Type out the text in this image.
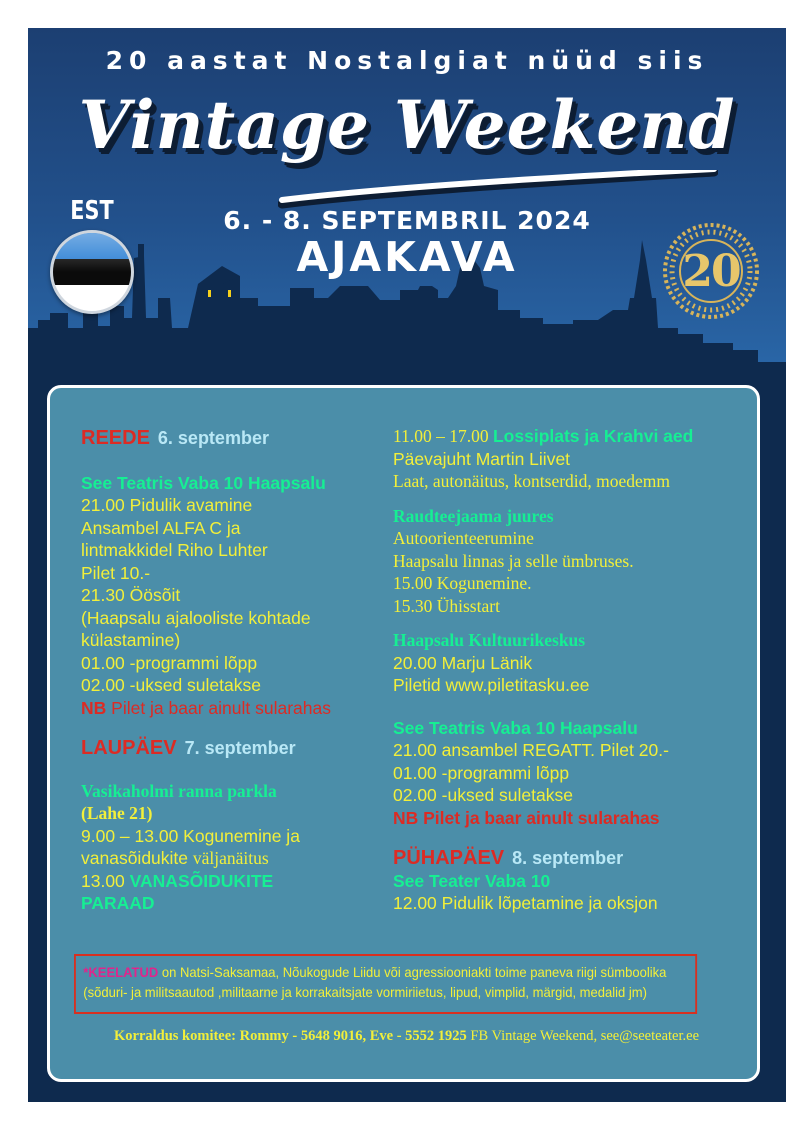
20 aastat Nostalgiat nüüd siis
Vintage Weekend
6. - 8. SEPTEMBRIL 2024
AJAKAVA
EST
20
REEDE 6. september
See Teatris Vaba 10 Haapsalu
21.00 Pidulik avamine
Ansambel ALFA C ja
lintmakkidel Riho Luhter
Pilet 10.-
21.30 Öösõit
(Haapsalu ajalooliste kohtade
külastamine)
01.00 -programmi lõpp
02.00 -uksed suletakse
NB Pilet ja baar ainult sularahas
LAUPÄEV 7. september
Vasikaholmi ranna parkla
(Lahe 21)
9.00 – 13.00 Kogunemine ja
vanasõidukite väljanäitus
13.00 VANASÕIDUKITE
PARAAD
11.00 – 17.00 Lossiplats ja Krahvi aed
Päevajuht Martin Liivet
Laat, autonäitus, kontserdid, moedemm
Raudteejaama juures
Autoorienteerumine
Haapsalu linnas ja selle ümbruses.
15.00 Kogunemine.
15.30 Ühisstart
Haapsalu Kultuurikeskus
20.00 Marju Länik
Piletid www.piletitasku.ee
See Teatris Vaba 10 Haapsalu
21.00 ansambel REGATT. Pilet 20.-
01.00 -programmi lõpp
02.00 -uksed suletakse
NB Pilet ja baar ainult sularahas
PÜHAPÄEV 8. september
See Teater Vaba 10
12.00 Pidulik lõpetamine ja oksjon
*KEELATUD on Natsi-Saksamaa, Nõukogude Liidu või agressiooniakti toime paneva riigi sümboolika
(sõduri- ja militsaautod ,militaarne ja korrakaitsjate vormiriietus, lipud, vimplid, märgid, medalid jm)
Korraldus komitee: Rommy - 5648 9016, Eve - 5552 1925 FB Vintage Weekend, see@seeteater.ee
